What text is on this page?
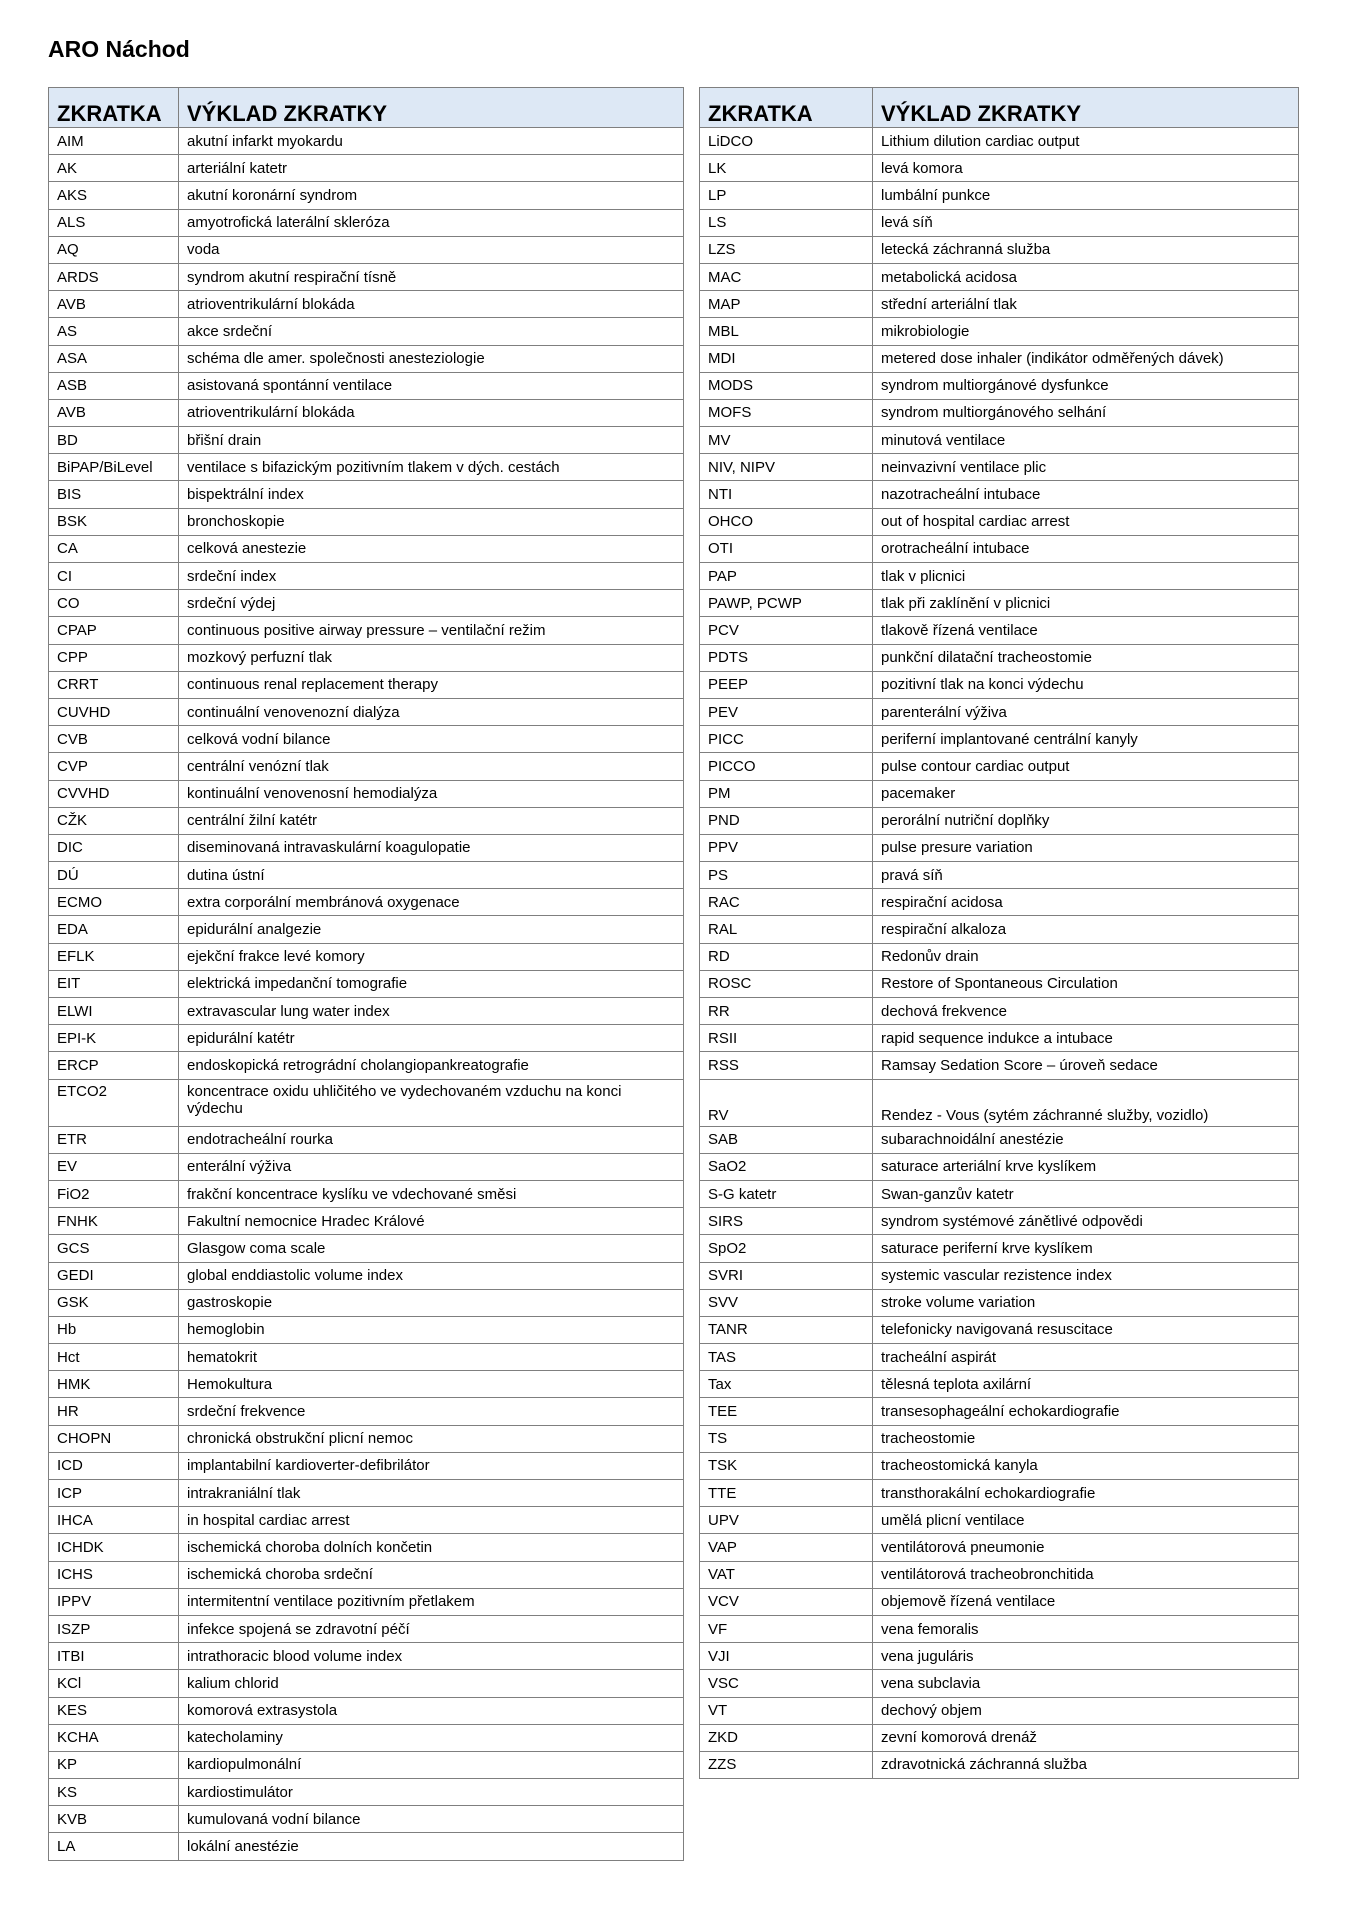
ARO Náchod
ZKRATKA	VÝKLAD ZKRATKY
AIM	akutní infarkt myokardu
AK	arteriální katetr
AKS	akutní koronární syndrom
ALS	amyotrofická laterální skleróza
AQ	voda
ARDS	syndrom akutní respirační tísně
AVB	atrioventrikulární blokáda
AS	akce srdeční
ASA	schéma dle amer. společnosti anesteziologie
ASB	asistovaná spontánní ventilace
AVB	atrioventrikulární blokáda
BD	břišní drain
BiPAP/BiLevel	ventilace s bifazickým pozitivním tlakem v dých. cestách
BIS	bispektrální index
BSK	bronchoskopie
CA	celková anestezie
CI	srdeční index
CO	srdeční výdej
CPAP	continuous positive airway pressure – ventilační režim
CPP	mozkový perfuzní tlak
CRRT	continuous renal replacement therapy
CUVHD	continuální venovenozní dialýza
CVB	celková vodní bilance
CVP	centrální venózní tlak
CVVHD	kontinuální venovenosní hemodialýza
CŽK	centrální žilní katétr
DIC	diseminovaná intravaskulární koagulopatie
DÚ	dutina ústní
ECMO	extra corporální membránová oxygenace
EDA	epidurální analgezie
EFLK	ejekční frakce levé komory
EIT	elektrická impedanční tomografie
ELWI	extravascular lung water index
EPI-K	epidurální katétr
ERCP	endoskopická retrográdní cholangiopankreatografie
ETCO2	koncentrace oxidu uhličitého ve vydechovaném vzduchu na konci výdechu
ETR	endotracheální rourka
EV	enterální výživa
FiO2	frakční koncentrace kyslíku ve vdechované směsi
FNHK	Fakultní nemocnice Hradec Králové
GCS	Glasgow coma scale
GEDI	global enddiastolic volume index
GSK	gastroskopie
Hb	hemoglobin
Hct	hematokrit
HMK	Hemokultura
HR	srdeční frekvence
CHOPN	chronická obstrukční plicní nemoc
ICD	implantabilní kardioverter-defibrilátor
ICP	intrakraniální tlak
IHCA	in hospital cardiac arrest
ICHDK	ischemická choroba dolních končetin
ICHS	ischemická choroba srdeční
IPPV	intermitentní ventilace pozitivním přetlakem
ISZP	infekce spojená se zdravotní péčí
ITBI	intrathoracic blood volume index
KCl	kalium chlorid
KES	komorová extrasystola
KCHA	katecholaminy
KP	kardiopulmonální
KS	kardiostimulátor
KVB	kumulovaná vodní bilance
LA	lokální anestézie
ZKRATKA	VÝKLAD ZKRATKY
LiDCO	Lithium dilution cardiac output
LK	levá komora
LP	lumbální punkce
LS	levá síň
LZS	letecká záchranná služba
MAC	metabolická acidosa
MAP	střední arteriální tlak
MBL	mikrobiologie
MDI	metered dose inhaler (indikátor odměřených dávek)
MODS	syndrom multiorgánové dysfunkce
MOFS	syndrom multiorgánového selhání
MV	minutová ventilace
NIV, NIPV	neinvazivní ventilace plic
NTI	nazotracheální intubace
OHCO	out of hospital cardiac arrest
OTI	orotracheální intubace
PAP	tlak v plicnici
PAWP, PCWP	tlak při zaklínění v plicnici
PCV	tlakově řízená ventilace
PDTS	punkční dilatační tracheostomie
PEEP	pozitivní tlak na konci výdechu
PEV	parenterální výživa
PICC	periferní implantované centrální kanyly
PICCO	pulse contour cardiac output
PM	pacemaker
PND	perorální nutriční doplňky
PPV	pulse presure variation
PS	pravá síň
RAC	respirační acidosa
RAL	respirační alkaloza
RD	Redonův drain
ROSC	Restore of Spontaneous Circulation
RR	dechová frekvence
RSII	rapid sequence indukce a intubace
RSS	Ramsay Sedation Score – úroveň sedace
RV	Rendez - Vous (sytém záchranné služby, vozidlo)
SAB	subarachnoidální anestézie
SaO2	saturace arteriální krve kyslíkem
S-G katetr	Swan-ganzův katetr
SIRS	syndrom systémové zánětlivé odpovědi
SpO2	saturace periferní krve kyslíkem
SVRI	systemic vascular rezistence index
SVV	stroke volume variation
TANR	telefonicky navigovaná resuscitace
TAS	tracheální aspirát
Tax	tělesná teplota axilární
TEE	transesophageální echokardiografie
TS	tracheostomie
TSK	tracheostomická kanyla
TTE	transthorakální echokardiografie
UPV	umělá plicní ventilace
VAP	ventilátorová pneumonie
VAT	ventilátorová tracheobronchitida
VCV	objemově řízená ventilace
VF	vena femoralis
VJI	vena juguláris
VSC	vena subclavia
VT	dechový objem
ZKD	zevní komorová drenáž
ZZS	zdravotnická záchranná služba
